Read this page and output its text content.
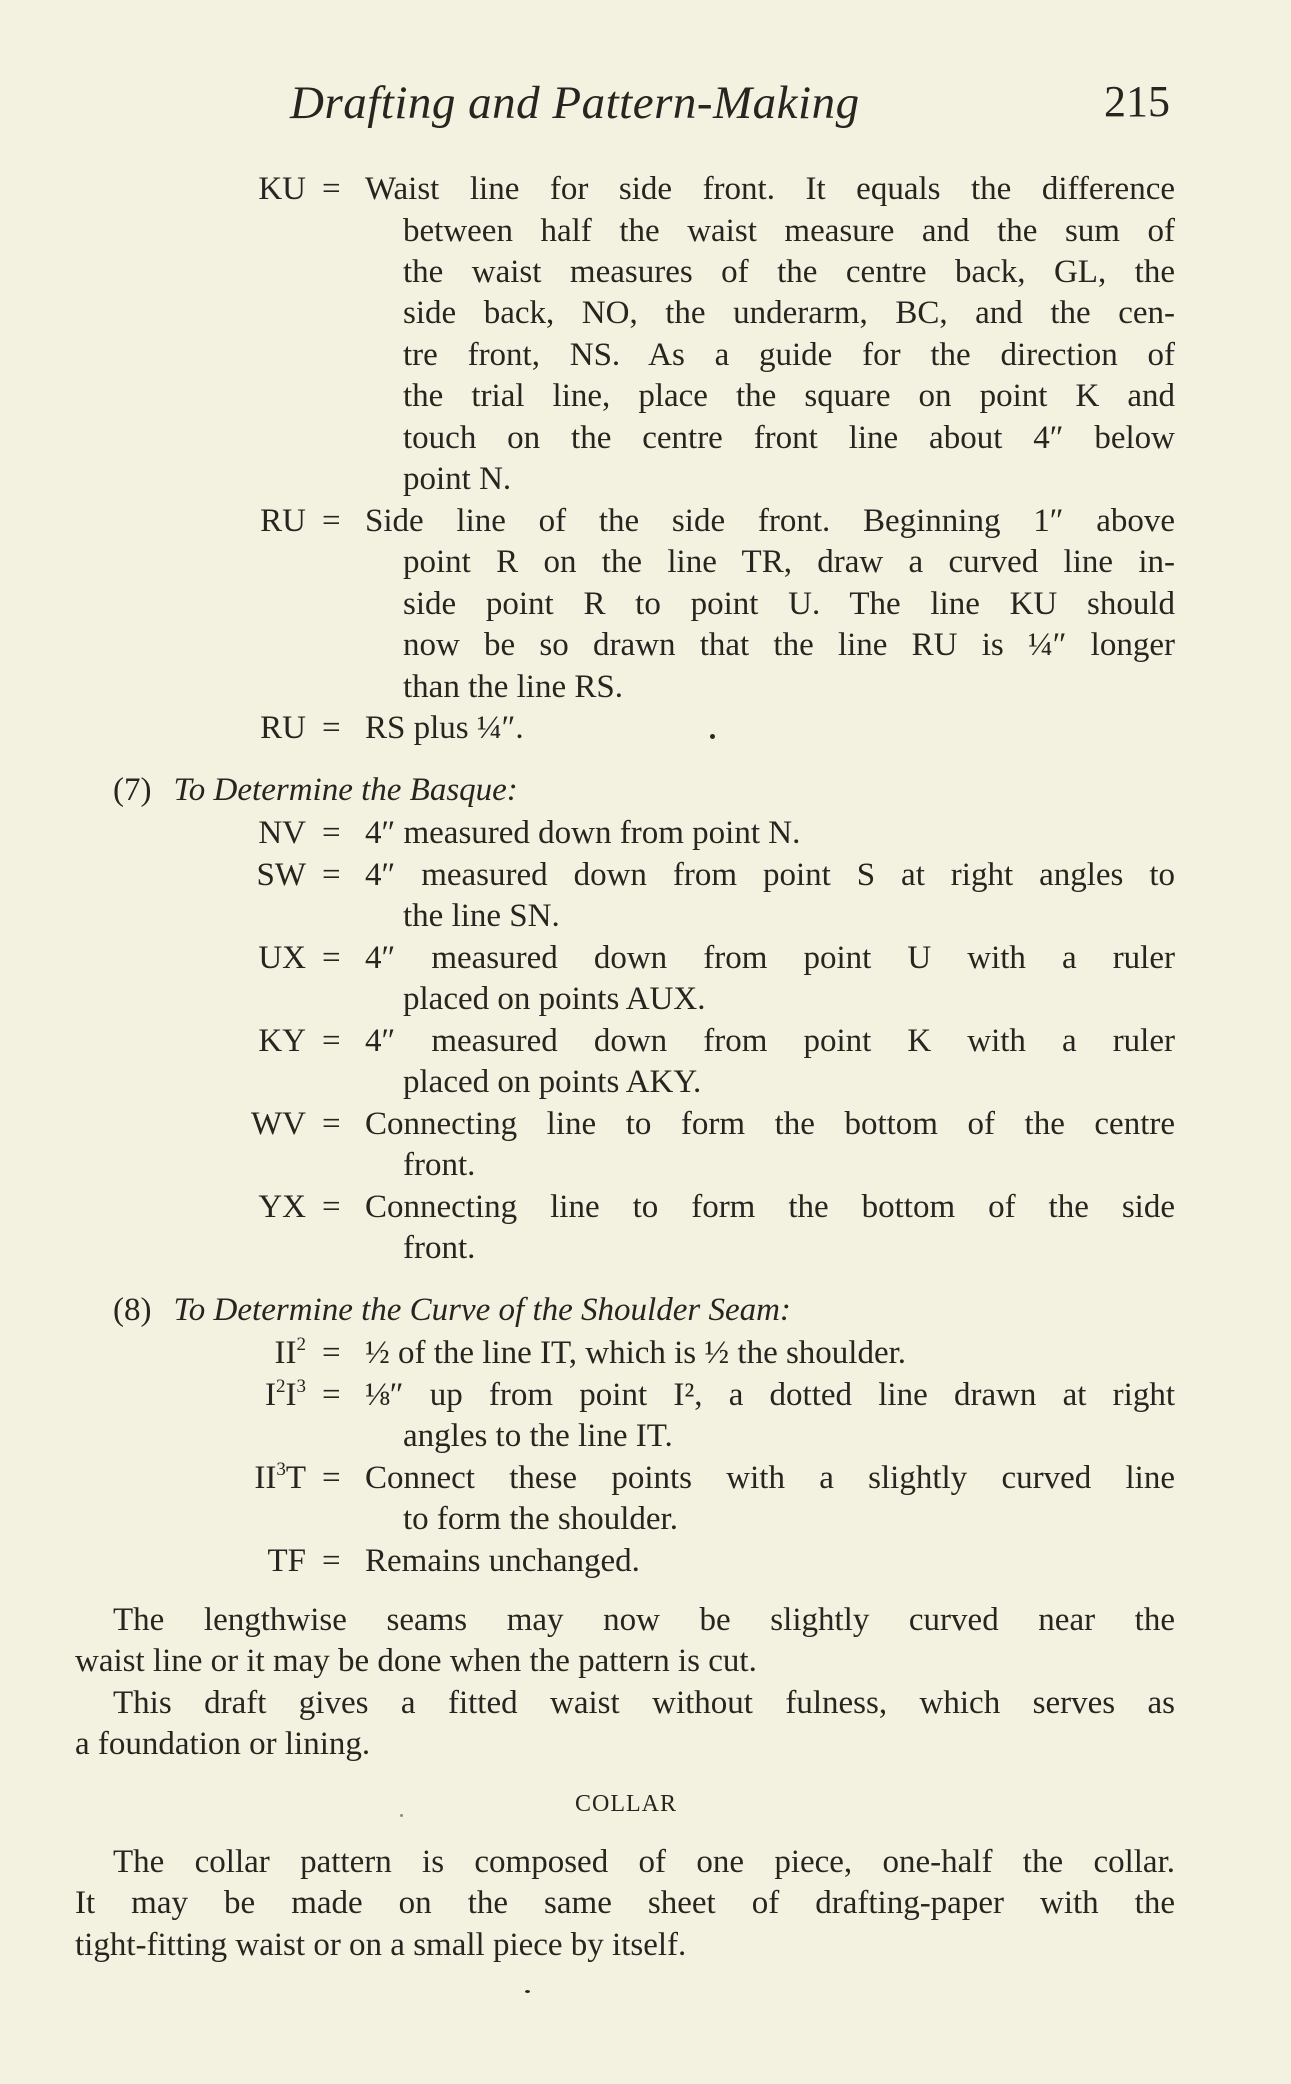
Drafting and Pattern-Making	215
KU = Waist line for side front. It equals the difference
between half the waist measure and the sum of
the waist measures of the centre back, GL, the
side back, NO, the underarm, BC, and the cen-
tre front, NS. As a guide for the direction of
the trial line, place the square on point K and
touch on the centre front line about 4″ below
point N.
RU = Side line of the side front. Beginning 1″ above
point R on the line TR, draw a curved line in-
side point R to point U. The line KU should
now be so drawn that the line RU is ¼″ longer
than the line RS.
RU = RS plus ¼″.
(7) To Determine the Basque:
NV = 4″ measured down from point N.
SW = 4″ measured down from point S at right angles to
the line SN.
UX = 4″ measured down from point U with a ruler
placed on points AUX.
KY = 4″ measured down from point K with a ruler
placed on points AKY.
WV = Connecting line to form the bottom of the centre
front.
YX = Connecting line to form the bottom of the side
front.
(8) To Determine the Curve of the Shoulder Seam:
$II^2$ = ½ of the line IT, which is ½ the shoulder.
$I^2I^3$ = ⅛″ up from point I², a dotted line drawn at right
angles to the line IT.
$II^3T$ = Connect these points with a slightly curved line
to form the shoulder.
TF = Remains unchanged.
The lengthwise seams may now be slightly curved near the
waist line or it may be done when the pattern is cut.
This draft gives a fitted waist without fulness, which serves as
a foundation or lining.
COLLAR
The collar pattern is composed of one piece, one-half the collar.
It may be made on the same sheet of drafting-paper with the
tight-fitting waist or on a small piece by itself.
